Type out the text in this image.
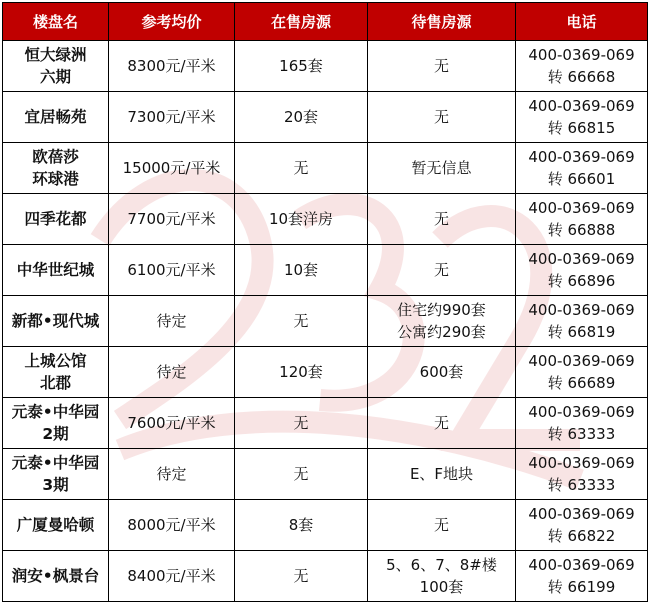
楼盘名	参考均价	在售房源	待售房源	电话

恒大绿洲
六期	8300元/平米	165套	无	400-0369-069
转 66668

宜居畅苑	7300元/平米	20套	无	400-0369-069
转 66815

欧蓓莎
环球港	15000元/平米	无	暂无信息	400-0369-069
转 66601

四季花都	7700元/平米	10套洋房	无	400-0369-069
转 66888

中华世纪城	6100元/平米	10套	无	400-0369-069
转 66896

新都•现代城	待定	无	住宅约990套
公寓约290套	400-0369-069
转 66819

上城公馆
北郡	待定	120套	600套	400-0369-069
转 66689

元泰•中华园
2期	7600元/平米	无	无	400-0369-069
转 63333

元泰•中华园
3期	待定	无	E、F地块	400-0369-069
转 63333

广厦曼哈顿	8000元/平米	8套	无	400-0369-069
转 66822

润安•枫景台	8400元/平米	无	5、6、7、8#楼
100套	400-0369-069
转 66199
